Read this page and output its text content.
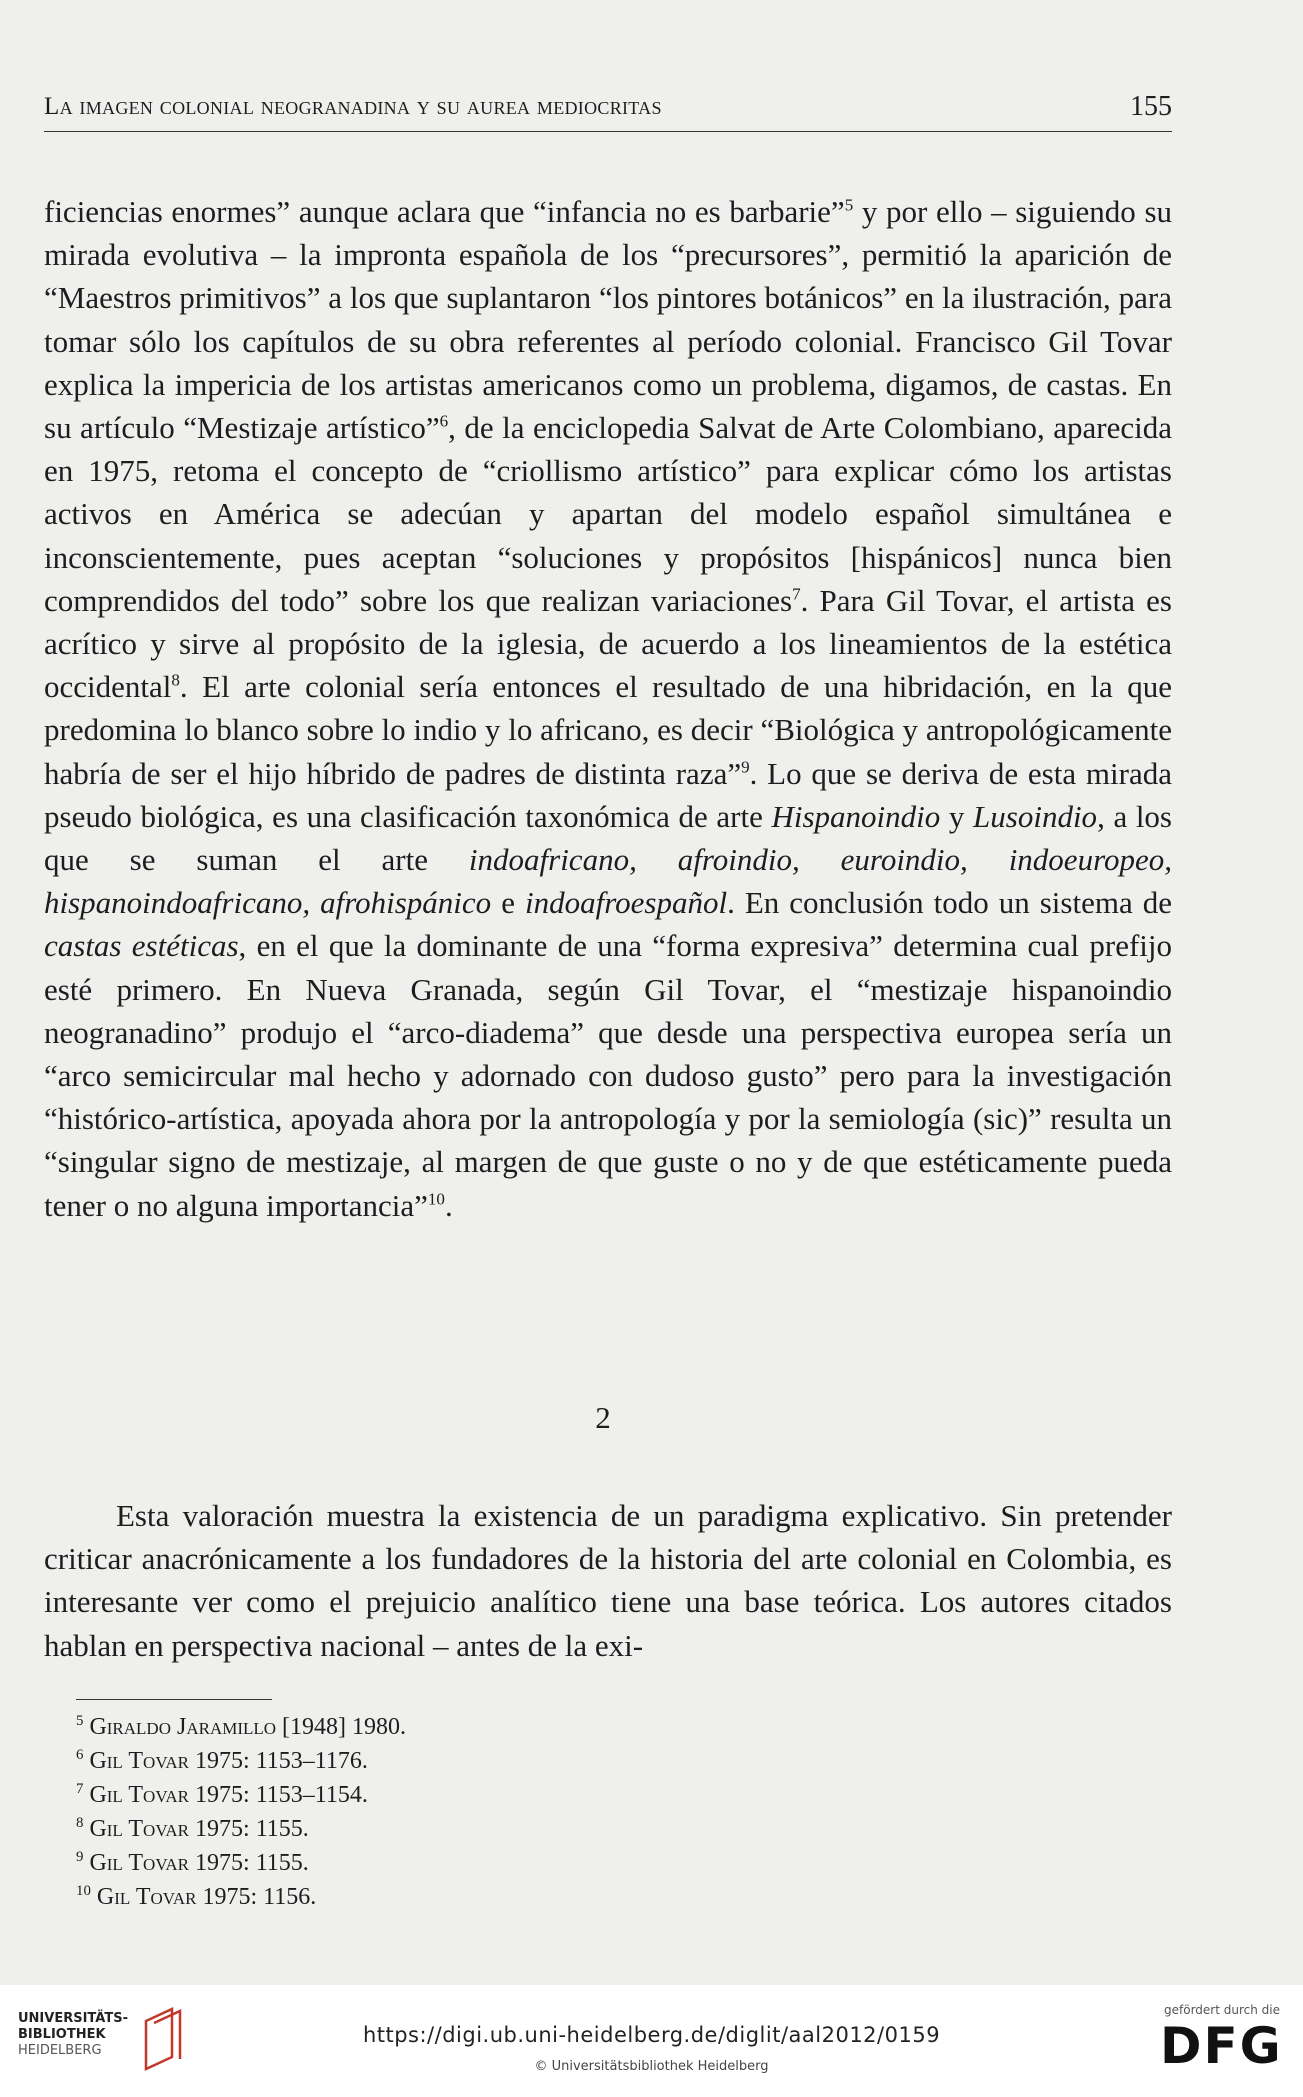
La imagen colonial neogranadina y su aurea mediocritas	155

ficiencias enormes” aunque aclara que “infancia no es barbarie”$^5$ y por ello – siguiendo su mirada evolutiva – la impronta española de los “precursores”, permitió la aparición de “Maestros primitivos” a los que suplantaron “los pintores botánicos” en la ilustración, para tomar sólo los capítulos de su obra referentes al período colonial. Francisco Gil Tovar explica la impericia de los artistas americanos como un problema, digamos, de castas. En su artículo “Mestizaje artístico”$^6$, de la enciclopedia Salvat de Arte Colombiano, aparecida en 1975, retoma el concepto de “criollismo artístico” para explicar cómo los artistas activos en América se adecúan y apartan del modelo español simultánea e inconscientemente, pues aceptan “soluciones y propósitos [hispánicos] nunca bien comprendidos del todo” sobre los que realizan variaciones$^7$. Para Gil Tovar, el artista es acrítico y sirve al propósito de la iglesia, de acuerdo a los lineamientos de la estética occidental$^8$. El arte colonial sería entonces el resultado de una hibridación, en la que predomina lo blanco sobre lo indio y lo africano, es decir “Biológica y antropológicamente habría de ser el hijo híbrido de padres de distinta raza”$^9$. Lo que se deriva de esta mirada pseudo biológica, es una clasificación taxonómica de arte Hispanoindio y Lusoindio, a los que se suman el arte indoafricano, afroindio, euroindio, indoeuropeo, hispanoindoafricano, afrohispánico e indoafroespañol. En conclusión todo un sistema de castas estéticas, en el que la dominante de una “forma expresiva” determina cual prefijo esté primero. En Nueva Granada, según Gil Tovar, el “mestizaje hispanoindio neogranadino” produjo el “arco-diadema” que desde una perspectiva europea sería un “arco semicircular mal hecho y adornado con dudoso gusto” pero para la investigación “histórico-artística, apoyada ahora por la antropología y por la semiología (sic)” resulta un “singular signo de mestizaje, al margen de que guste o no y de que estéticamente pueda tener o no alguna importancia”$^{10}$.

2

Esta valoración muestra la existencia de un paradigma explicativo. Sin pretender criticar anacrónicamente a los fundadores de la historia del arte colonial en Colombia, es interesante ver como el prejuicio analítico tiene una base teórica. Los autores citados hablan en perspectiva nacional – antes de la exi-

$^5$ Giraldo Jaramillo [1948] 1980.
$^6$ Gil Tovar 1975: 1153–1176.
$^7$ Gil Tovar 1975: 1153–1154.
$^8$ Gil Tovar 1975: 1155.
$^9$ Gil Tovar 1975: 1155.
$^{10}$ Gil Tovar 1975: 1156.
UNIVERSITÄTS-
BIBLIOTHEK
HEIDELBERG
https://digi.ub.uni-heidelberg.de/diglit/aal2012/0159
© Universitätsbibliothek Heidelberg
gefördert durch die
DFG
